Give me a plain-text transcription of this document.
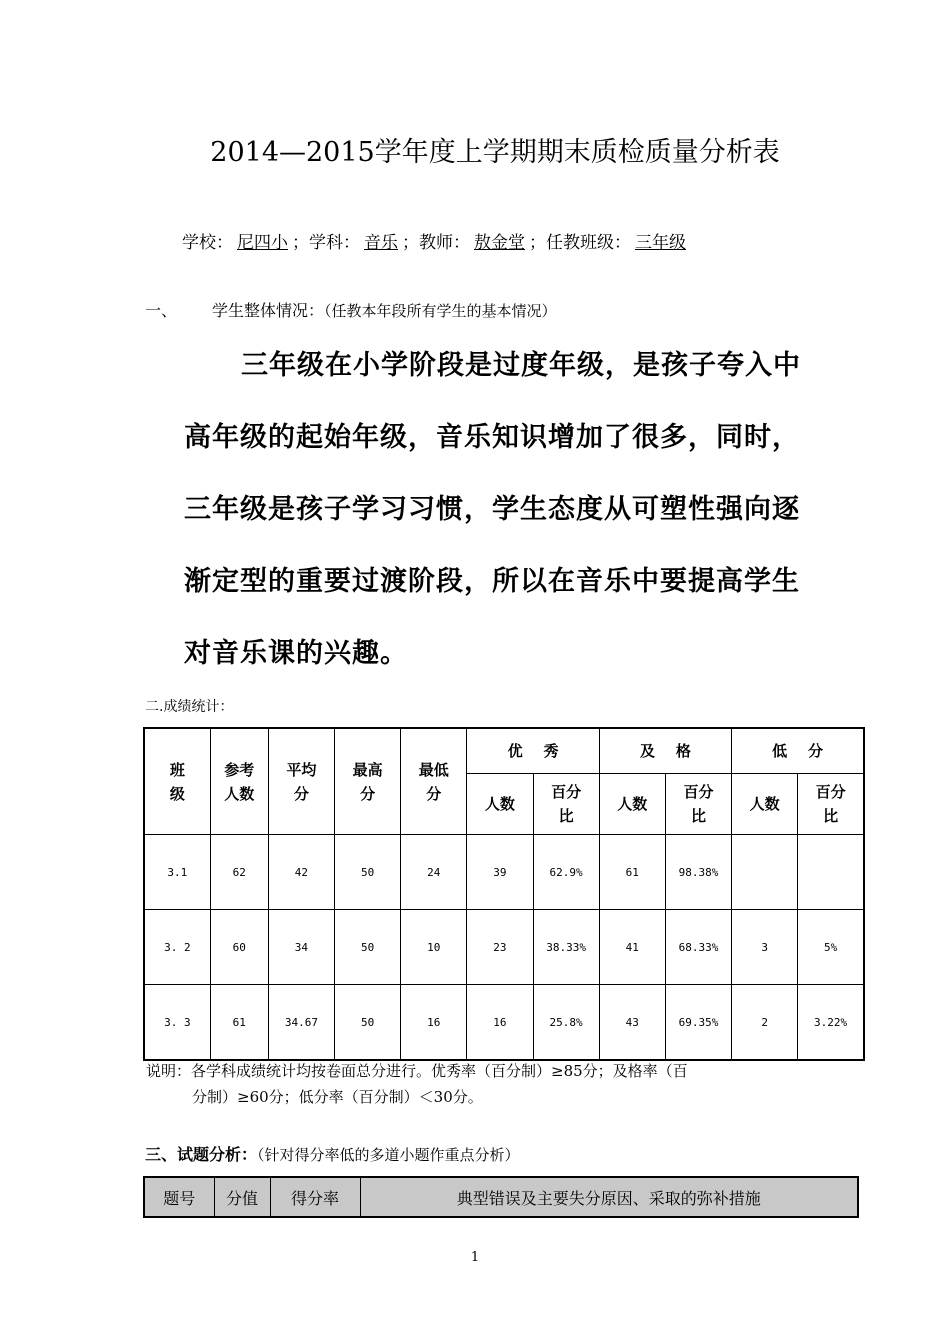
2014—2015学年度上学期期末质检质量分析表
学校： 尼四小 ；学科： 音乐 ；教师： 敖金堂 ；任教班级： 三年级
一、 学生整体情况：（任教本年段所有学生的基本情况）
三年级在小学阶段是过度年级，是孩子夸入中高年级的起始年级，音乐知识增加了很多，同时，三年级是孩子学习习惯，学生态度从可塑性强向逐渐定型的重要过渡阶段，所以在音乐中要提高学生对音乐课的兴趣。
二.成绩统计：
班级	参考人数	平均分	最高分	最低分	优    秀		及    格		低    分	
					人数	百分比	人数	百分比	人数	百分比
3.1	62	42	50	24	39	62.9%	61	98.38%		
3. 2	60	34	50	10	23	38.33%	41	68.33%	3	5%
3. 3	61	34.67	50	16	16	25.8%	43	69.35%	2	3.22%
说明：各学科成绩统计均按卷面总分进行。优秀率（百分制）≥85分；及格率（百
分制）≥60分；低分率（百分制）＜30分。
三、试题分析：（针对得分率低的多道小题作重点分析）
题号	分值	得分率	典型错误及主要失分原因、采取的弥补措施
1
